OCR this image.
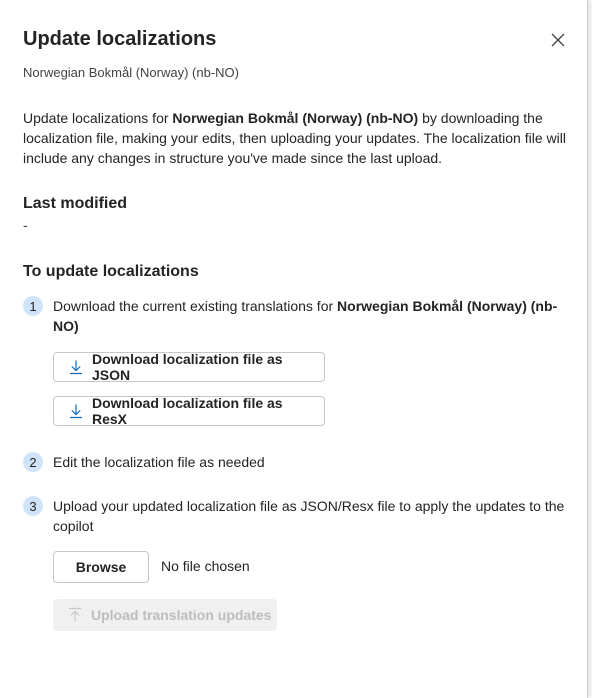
Update localizations
Norwegian Bokmål (Norway) (nb-NO)
Update localizations for Norwegian Bokmål (Norway) (nb-NO) by downloading the localization file, making your edits, then uploading your updates. The localization file will include any changes in structure you've made since the last upload.
Last modified
-
To update localizations
1	Download the current existing translations for Norwegian Bokmål (Norway) (nb-NO)
Download localization file as JSON
Download localization file as ResX
2	Edit the localization file as needed
3	Upload your updated localization file as JSON/Resx file to apply the updates to the copilot
Browse	No file chosen
Upload translation updates
